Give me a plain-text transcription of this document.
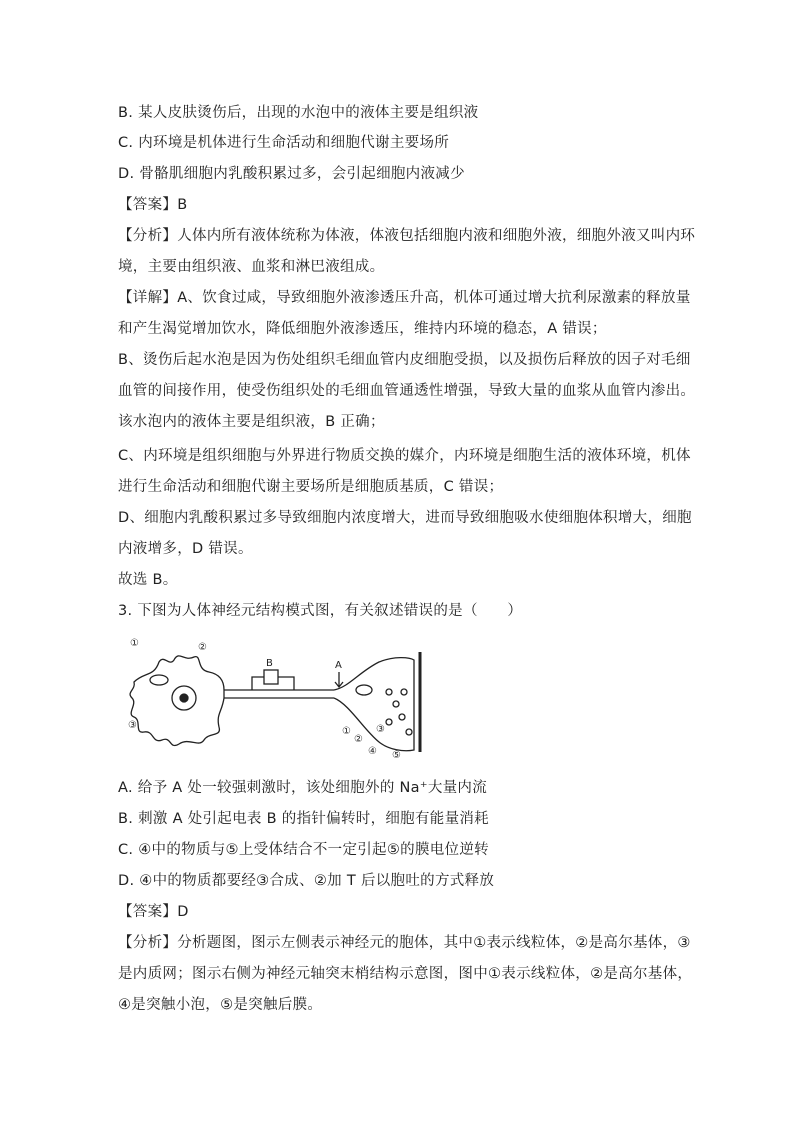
B. 某人皮肤烫伤后，出现的水泡中的液体主要是组织液
C. 内环境是机体进行生命活动和细胞代谢主要场所
D. 骨骼肌细胞内乳酸积累过多，会引起细胞内液减少
【答案】B
【分析】人体内所有液体统称为体液，体液包括细胞内液和细胞外液，细胞外液又叫内环
境，主要由组织液、血浆和淋巴液组成。
【详解】A、饮食过咸，导致细胞外液渗透压升高，机体可通过增大抗利尿激素的释放量
和产生渴觉增加饮水，降低细胞外液渗透压，维持内环境的稳态，A 错误；
B、烫伤后起水泡是因为伤处组织毛细血管内皮细胞受损，以及损伤后释放的因子对毛细
血管的间接作用，使受伤组织处的毛细血管通透性增强，导致大量的血浆从血管内渗出。
该水泡内的液体主要是组织液，B 正确；
C、内环境是组织细胞与外界进行物质交换的媒介，内环境是细胞生活的液体环境，机体
进行生命活动和细胞代谢主要场所是细胞质基质，C 错误；
D、细胞内乳酸积累过多导致细胞内浓度增大，进而导致细胞吸水使细胞体积增大，细胞
内液增多，D 错误。
故选 B。
3. 下图为人体神经元结构模式图，有关叙述错误的是（　　）
①	②
③
B	A
①
②
③
④ ⑤
A. 给予 A 处一较强刺激时，该处细胞外的 Na⁺大量内流
B. 刺激 A 处引起电表 B 的指针偏转时，细胞有能量消耗
C. ④中的物质与⑤上受体结合不一定引起⑤的膜电位逆转
D. ④中的物质都要经③合成、②加 T 后以胞吐的方式释放
【答案】D
【分析】分析题图，图示左侧表示神经元的胞体，其中①表示线粒体，②是高尔基体，③
是内质网；图示右侧为神经元轴突末梢结构示意图，图中①表示线粒体，②是高尔基体，
④是突触小泡，⑤是突触后膜。
